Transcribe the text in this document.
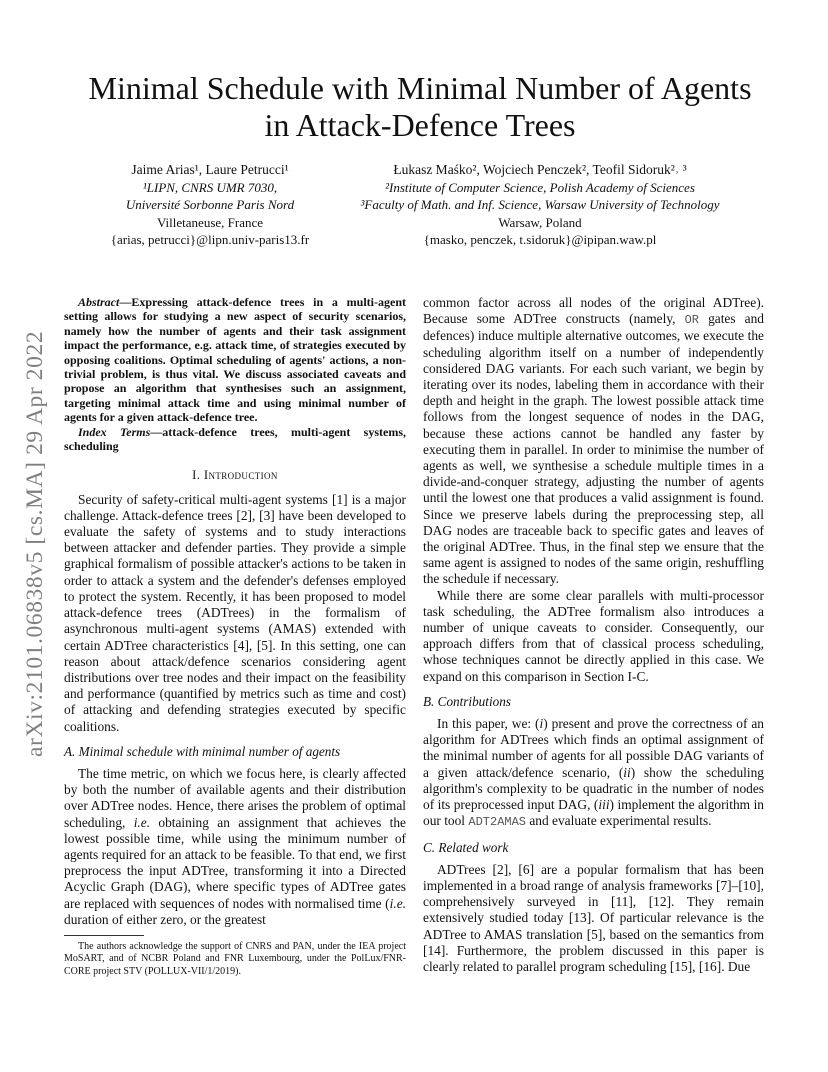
arXiv:2101.06838v5 [cs.MA] 29 Apr 2022
Minimal Schedule with Minimal Number of Agents
in Attack-Defence Trees
Jaime Arias¹, Laure Petrucci¹
¹LIPN, CNRS UMR 7030,
Université Sorbonne Paris Nord
Villetaneuse, France
{arias, petrucci}@lipn.univ-paris13.fr
Łukasz Maśko², Wojciech Penczek², Teofil Sidoruk²˒ ³
²Institute of Computer Science, Polish Academy of Sciences
³Faculty of Math. and Inf. Science, Warsaw University of Technology
Warsaw, Poland
{masko, penczek, t.sidoruk}@ipipan.waw.pl

Abstract—Expressing attack-defence trees in a multi-agent setting allows for studying a new aspect of security scenarios, namely how the number of agents and their task assignment impact the performance, e.g. attack time, of strategies executed by opposing coalitions. Optimal scheduling of agents' actions, a non-trivial problem, is thus vital. We discuss associated caveats and propose an algorithm that synthesises such an assignment, targeting minimal attack time and using minimal number of agents for a given attack-defence tree.

Index Terms—attack-defence trees, multi-agent systems, scheduling

I. Introduction

Security of safety-critical multi-agent systems [1] is a major challenge. Attack-defence trees [2], [3] have been developed to evaluate the safety of systems and to study interactions between attacker and defender parties. They provide a simple graphical formalism of possible attacker's actions to be taken in order to attack a system and the defender's defenses employed to protect the system. Recently, it has been proposed to model attack-defence trees (ADTrees) in the formalism of asynchronous multi-agent systems (AMAS) extended with certain ADTree characteristics [4], [5]. In this setting, one can reason about attack/defence scenarios considering agent distributions over tree nodes and their impact on the feasibility and performance (quantified by metrics such as time and cost) of attacking and defending strategies executed by specific coalitions.

A. Minimal schedule with minimal number of agents

The time metric, on which we focus here, is clearly affected by both the number of available agents and their distribution over ADTree nodes. Hence, there arises the problem of optimal scheduling, i.e. obtaining an assignment that achieves the lowest possible time, while using the minimum number of agents required for an attack to be feasible. To that end, we first preprocess the input ADTree, transforming it into a Directed Acyclic Graph (DAG), where specific types of ADTree gates are replaced with sequences of nodes with normalised time (i.e. duration of either zero, or the greatest

The authors acknowledge the support of CNRS and PAN, under the IEA project MoSART, and of NCBR Poland and FNR Luxembourg, under the PolLux/FNR-CORE project STV (POLLUX-VII/1/2019).

common factor across all nodes of the original ADTree). Because some ADTree constructs (namely, OR gates and defences) induce multiple alternative outcomes, we execute the scheduling algorithm itself on a number of independently considered DAG variants. For each such variant, we begin by iterating over its nodes, labeling them in accordance with their depth and height in the graph. The lowest possible attack time follows from the longest sequence of nodes in the DAG, because these actions cannot be handled any faster by executing them in parallel. In order to minimise the number of agents as well, we synthesise a schedule multiple times in a divide-and-conquer strategy, adjusting the number of agents until the lowest one that produces a valid assignment is found. Since we preserve labels during the preprocessing step, all DAG nodes are traceable back to specific gates and leaves of the original ADTree. Thus, in the final step we ensure that the same agent is assigned to nodes of the same origin, reshuffling the schedule if necessary.

While there are some clear parallels with multi-processor task scheduling, the ADTree formalism also introduces a number of unique caveats to consider. Consequently, our approach differs from that of classical process scheduling, whose techniques cannot be directly applied in this case. We expand on this comparison in Section I-C.

B. Contributions

In this paper, we: (i) present and prove the correctness of an algorithm for ADTrees which finds an optimal assignment of the minimal number of agents for all possible DAG variants of a given attack/defence scenario, (ii) show the scheduling algorithm's complexity to be quadratic in the number of nodes of its preprocessed input DAG, (iii) implement the algorithm in our tool ADT2AMAS and evaluate experimental results.

C. Related work

ADTrees [2], [6] are a popular formalism that has been implemented in a broad range of analysis frameworks [7]–[10], comprehensively surveyed in [11], [12]. They remain extensively studied today [13]. Of particular relevance is the ADTree to AMAS translation [5], based on the semantics from [14]. Furthermore, the problem discussed in this paper is clearly related to parallel program scheduling [15], [16]. Due
